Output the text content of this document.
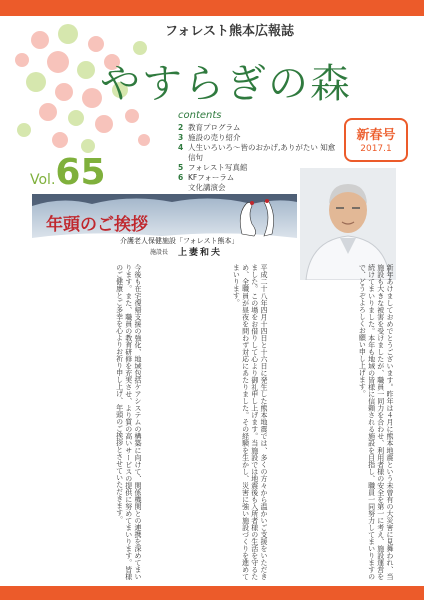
フォレスト熊本広報誌
やすらぎの森
contents
2 教育プログラム
3 施設の売り紹介
4 人生いろいろ～皆のおかげ,ありがたい 知愈信句
5 フォレスト写真館
6 KFフォーラム
文化講演会
新春号
2017.1
Vol.65
年頭のご挨拶
介護老人保健施設「フォレスト熊本」
施設長 上妻和夫
新年あけましておめでとうございます。昨年は４月に熊本地震という未曾有の大災害に見舞われ、当施設も大きな被害を受けましたが、職員一同力を合わせ、利用者様の安全を第一に考え、施設運営を続けてまいりました。本年も地域の皆様に信頼される施設を目指し、職員一同努力してまいりますので、どうぞよろしくお願い申し上げます。
平成二十八年四月十四日と十六日に発生した熊本地震では、多くの方々から温かいご支援をいただきました。この場をお借りして心より御礼申し上げます。当施設では地震後も入所者様の生活を守るため、全職員が昼夜を問わず対応にあたりました。その経験を生かし、災害に強い施設づくりを進めてまいります。
今後も在宅復帰支援の強化、地域包括ケアシステムの構築に向けて、関係機関との連携を深めてまいります。また、職員の教育研修を充実させ、より質の高いサービスの提供に努めてまいります。皆様のご健康とご多幸を心よりお祈り申し上げ、年頭のご挨拶とさせていただきます。
